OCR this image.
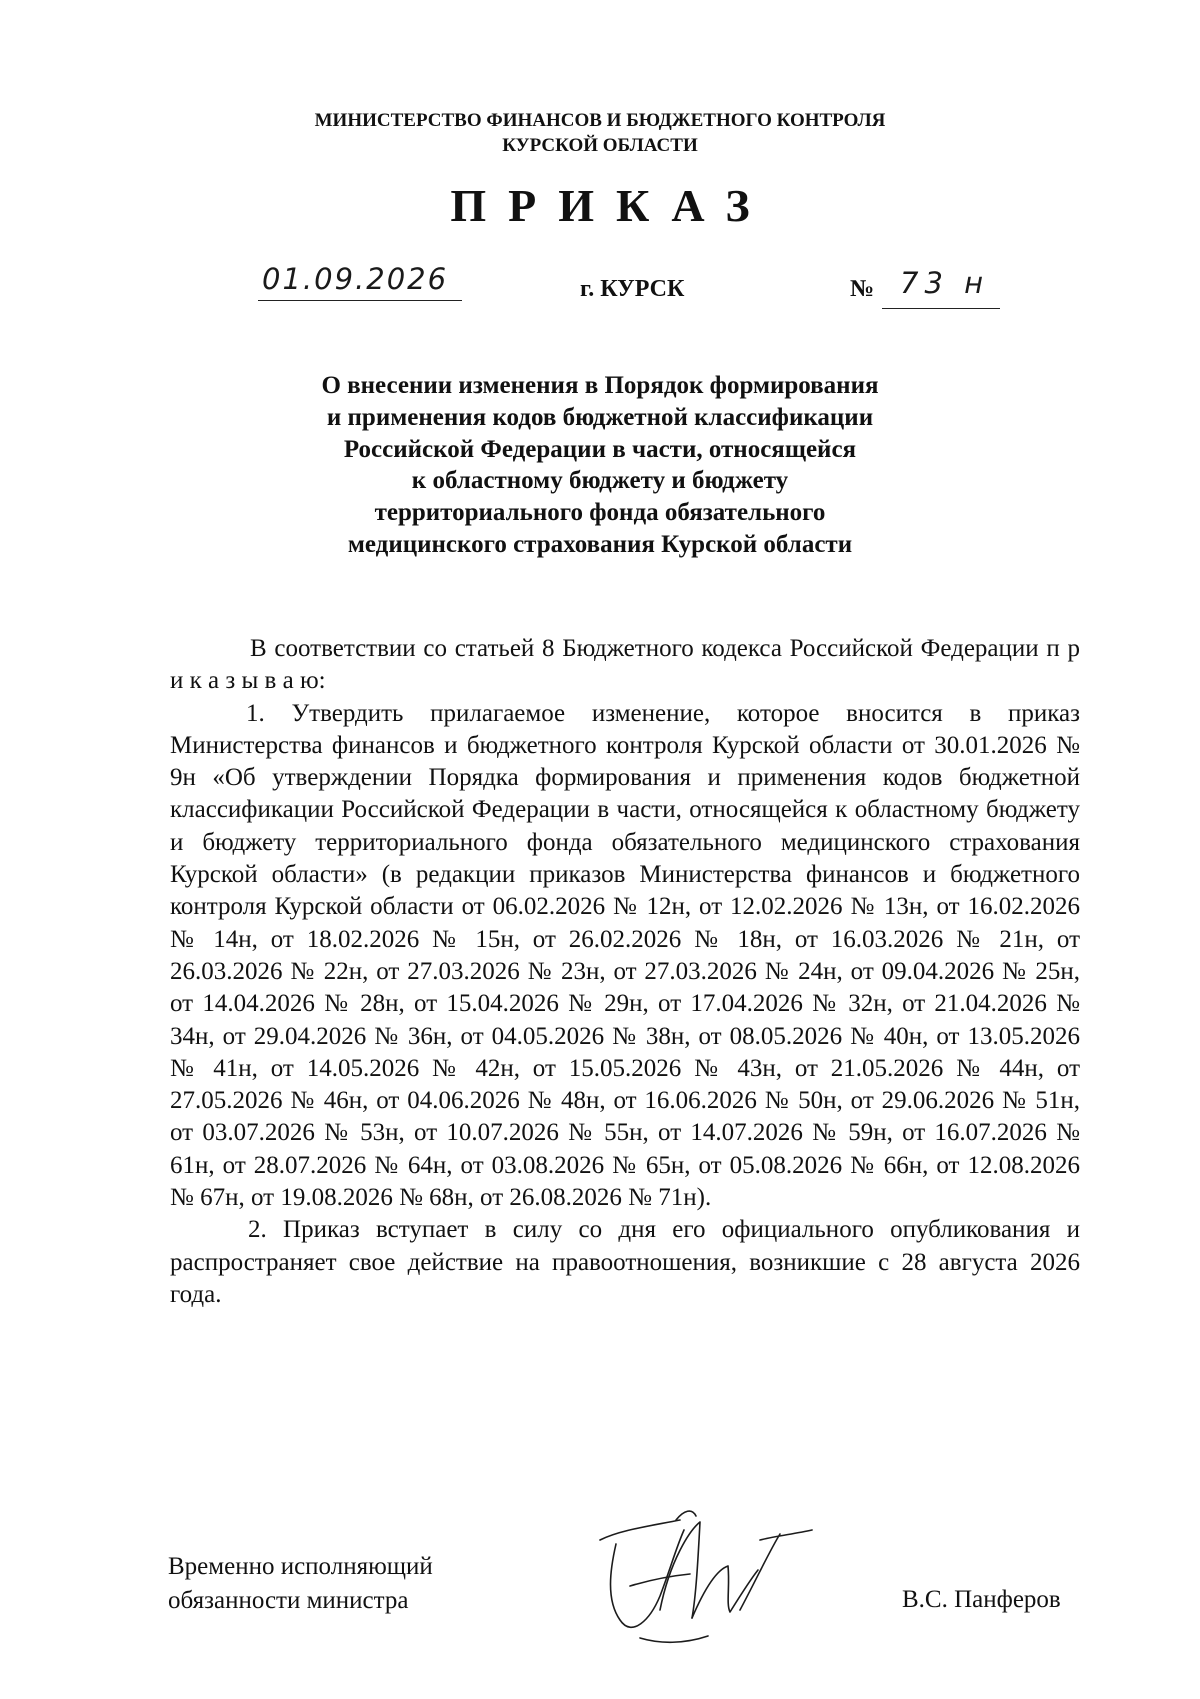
МИНИСТЕРСТВО ФИНАНСОВ И БЮДЖЕТНОГО КОНТРОЛЯ
КУРСКОЙ ОБЛАСТИ
ПРИКАЗ
01.09.2026	г. КУРСК	№ 73 н
О внесении изменения в Порядок формирования
и применения кодов бюджетной классификации
Российской Федерации в части, относящейся
к областному бюджету и бюджету
территориального фонда обязательного
медицинского страхования Курской области

В соответствии со статьей 8 Бюджетного кодекса Российской Федерации п р и к а з ы в а ю:

1. Утвердить прилагаемое изменение, которое вносится в приказ Министерства финансов и бюджетного контроля Курской области от 30.01.2026 № 9н «Об утверждении Порядка формирования и применения кодов бюджетной классификации Российской Федерации в части, относящейся к областному бюджету и бюджету территориального фонда обязательного медицинского страхования Курской области» (в редакции приказов Министерства финансов и бюджетного контроля Курской области от 06.02.2026 № 12н, от 12.02.2026 № 13н, от 16.02.2026 № 14н, от 18.02.2026 № 15н, от 26.02.2026 № 18н, от 16.03.2026 № 21н, от 26.03.2026 № 22н, от 27.03.2026 № 23н, от 27.03.2026 № 24н, от 09.04.2026 № 25н, от 14.04.2026 № 28н, от 15.04.2026 № 29н, от 17.04.2026 № 32н, от 21.04.2026 № 34н, от 29.04.2026 № 36н, от 04.05.2026 № 38н, от 08.05.2026 № 40н, от 13.05.2026 № 41н, от 14.05.2026 № 42н, от 15.05.2026 № 43н, от 21.05.2026 № 44н, от 27.05.2026 № 46н, от 04.06.2026 № 48н, от 16.06.2026 № 50н, от 29.06.2026 № 51н, от 03.07.2026 № 53н, от 10.07.2026 № 55н, от 14.07.2026 № 59н, от 16.07.2026 № 61н, от 28.07.2026 № 64н, от 03.08.2026 № 65н, от 05.08.2026 № 66н, от 12.08.2026 № 67н, от 19.08.2026 № 68н, от 26.08.2026 № 71н).

2. Приказ вступает в силу со дня его официального опубликования и распространяет свое действие на правоотношения, возникшие с 28 августа 2026 года.

Временно исполняющий
обязанности министра	В.С. Панферов
